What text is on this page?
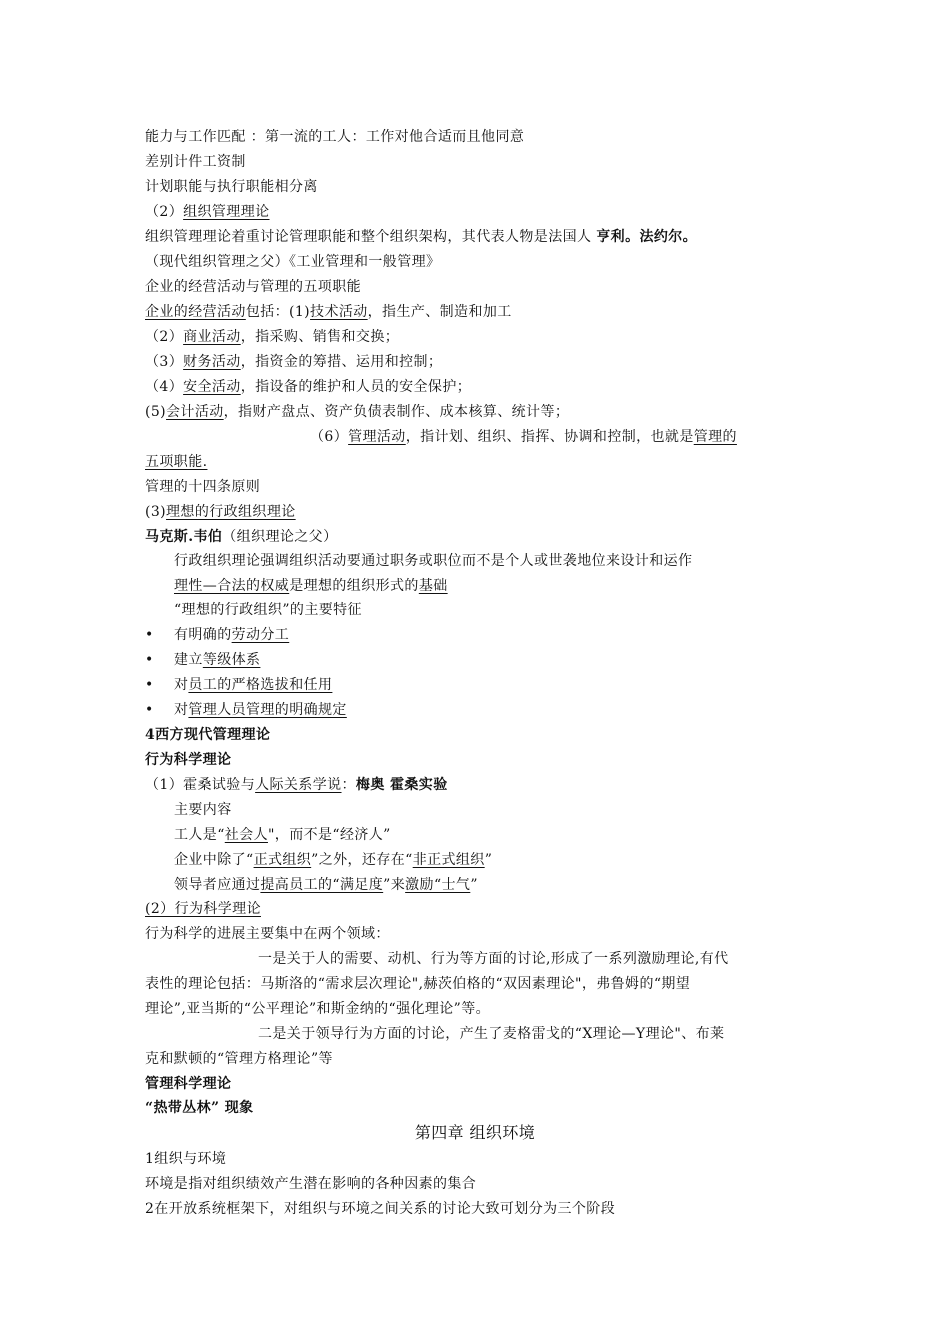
能力与工作匹配 ：第一流的工人：工作对他合适而且他同意
差别计件工资制
计划职能与执行职能相分离
（2）组织管理理论
组织管理理论着重讨论管理职能和整个组织架构，其代表人物是法国人 亨利。法约尔。
（现代组织管理之父）《工业管理和一般管理》
企业的经营活动与管理的五项职能
企业的经营活动包括：(1)技术活动，指生产、制造和加工
（2）商业活动，指采购、销售和交换；
（3）财务活动，指资金的筹措、运用和控制；
（4）安全活动，指设备的维护和人员的安全保护；
(5)会计活动，指财产盘点、资产负债表制作、成本核算、统计等；
（6）管理活动，指计划、组织、指挥、协调和控制，也就是管理的
五项职能.
管理的十四条原则
(3)理想的行政组织理论
马克斯.韦伯（组织理论之父）
行政组织理论强调组织活动要通过职务或职位而不是个人或世袭地位来设计和运作
理性—合法的权威是理想的组织形式的基础
“理想的行政组织”的主要特征
• 有明确的劳动分工
• 建立等级体系
• 对员工的严格选拔和任用
• 对管理人员管理的明确规定
4西方现代管理理论
行为科学理论
（1）霍桑试验与人际关系学说：梅奥 霍桑实验
主要内容
工人是“社会人"，而不是“经济人”
企业中除了“正式组织”之外，还存在“非正式组织”
领导者应通过提高员工的“满足度”来激励“士气”
(2）行为科学理论
行为科学的进展主要集中在两个领域：
一是关于人的需要、动机、行为等方面的讨论,形成了一系列激励理论,有代
表性的理论包括：马斯洛的“需求层次理论",赫茨伯格的“双因素理论"，弗鲁姆的“期望
理论”,亚当斯的“公平理论”和斯金纳的“强化理论”等。
二是关于领导行为方面的讨论，产生了麦格雷戈的“X理论—Y理论"、布莱
克和默顿的“管理方格理论”等
管理科学理论
“热带丛林” 现象
第四章 组织环境
1组织与环境
环境是指对组织绩效产生潜在影响的各种因素的集合
2在开放系统框架下，对组织与环境之间关系的讨论大致可划分为三个阶段
